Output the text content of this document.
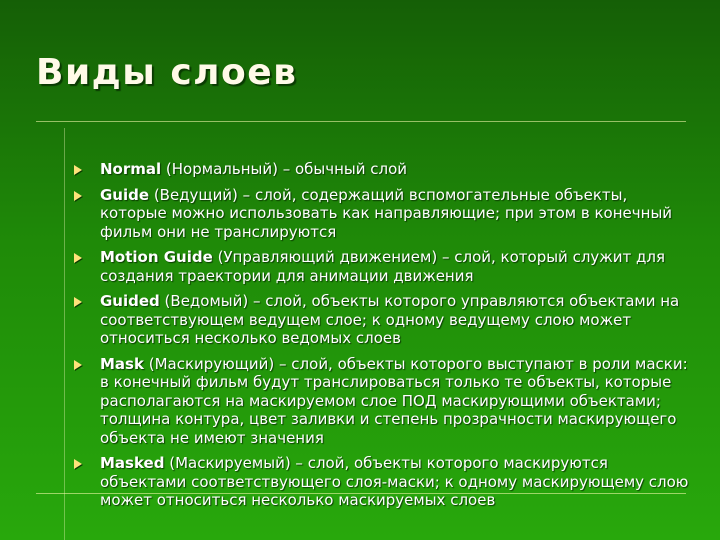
Виды слоев
Normal (Нормальный) – обычный слой
Guide (Ведущий) – слой, содержащий вспомогательные объекты, которые можно использовать как направляющие; при этом в конечный фильм они не транслируются
Motion Guide (Управляющий движением) – слой, который служит для создания траектории для анимации движения
Guided (Ведомый) – слой, объекты которого управляются объектами на соответствующем ведущем слое; к одному ведущему слою может относиться несколько ведомых слоев
Mask (Маскирующий) – слой, объекты которого выступают в роли маски: в конечный фильм будут транслироваться только те объекты, которые располагаются на маскируемом слое ПОД маскирующими объектами; толщина контура, цвет заливки и степень прозрачности маскирующего объекта не имеют значения
Masked (Маскируемый) – слой, объекты которого маскируются объектами соответствующего слоя-маски; к одному маскирующему слою может относиться несколько маскируемых слоев
